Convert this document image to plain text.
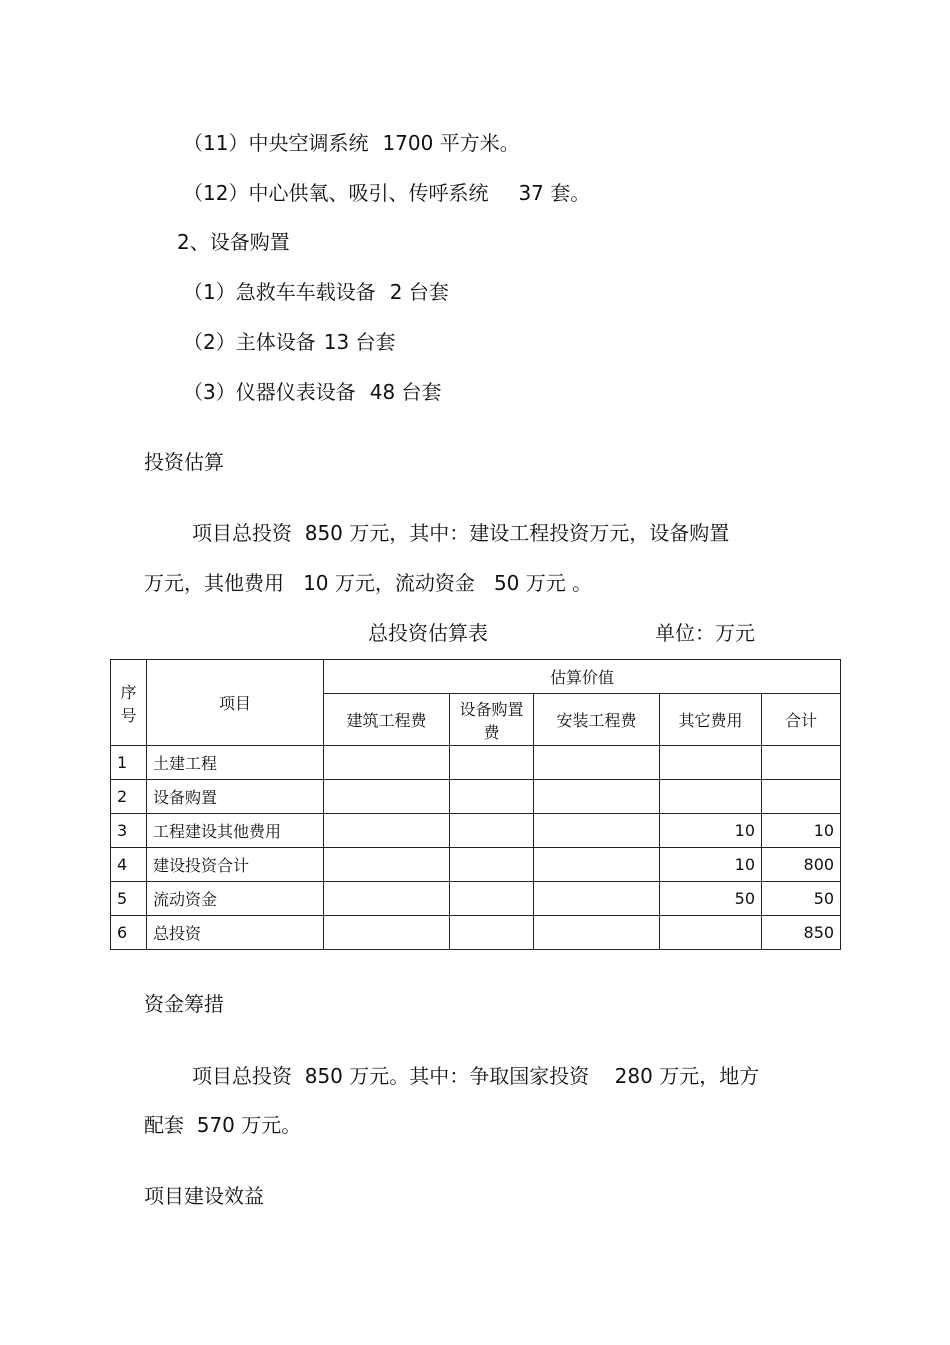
（11）中央空调系统 1700 平方米。
（12）中心供氧、吸引、传呼系统 37 套。
2、设备购置
（1）急救车车载设备 2 台套
（2）主体设备 13 台套
（3）仪器仪表设备 48 台套
投资估算
项目总投资  850 万元，其中：建设工程投资万元，设备购置
万元，其他费用   10 万元，流动资金   50 万元 。
总投资估算表	单位：万元
序号	项目	估算价值				
		建筑工程费	设备购置费	安装工程费	其它费用	合计
1	土建工程					
2	设备购置					
3	工程建设其他费用				10	10
4	建设投资合计				10	800
5	流动资金				50	50
6	总投资					850
资金筹措
项目总投资  850 万元。其中：争取国家投资    280 万元，地方
配套  570 万元。
项目建设效益
